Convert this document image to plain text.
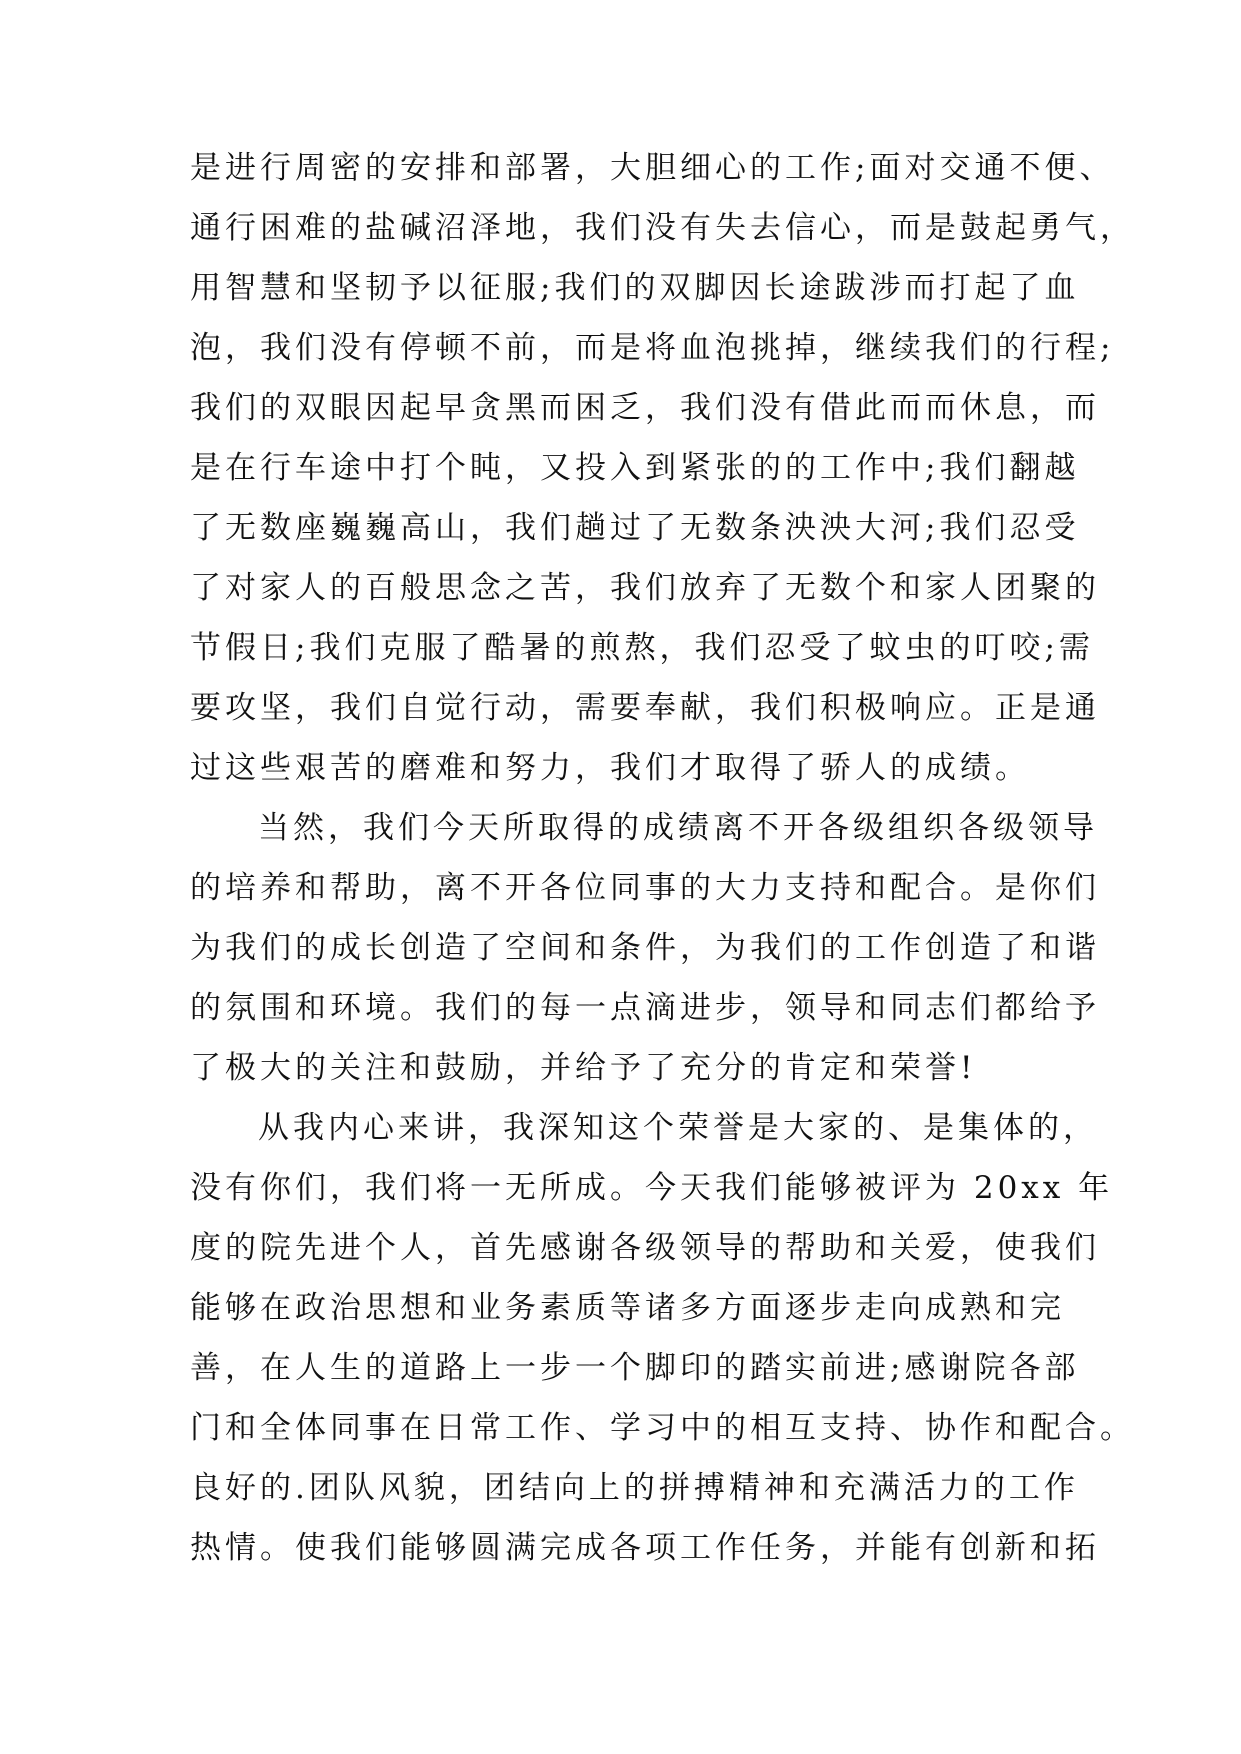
是进行周密的安排和部署，大胆细心的工作;面对交通不便、

通行困难的盐碱沼泽地，我们没有失去信心，而是鼓起勇气，

用智慧和坚韧予以征服;我们的双脚因长途跋涉而打起了血

泡，我们没有停顿不前，而是将血泡挑掉，继续我们的行程;

我们的双眼因起早贪黑而困乏，我们没有借此而而休息，而

是在行车途中打个盹，又投入到紧张的的工作中;我们翻越

了无数座巍巍高山，我们趟过了无数条泱泱大河;我们忍受

了对家人的百般思念之苦，我们放弃了无数个和家人团聚的

节假日;我们克服了酷暑的煎熬，我们忍受了蚊虫的叮咬;需

要攻坚，我们自觉行动，需要奉献，我们积极响应。正是通

过这些艰苦的磨难和努力，我们才取得了骄人的成绩。

当然，我们今天所取得的成绩离不开各级组织各级领导

的培养和帮助，离不开各位同事的大力支持和配合。是你们

为我们的成长创造了空间和条件，为我们的工作创造了和谐

的氛围和环境。我们的每一点滴进步，领导和同志们都给予

了极大的关注和鼓励，并给予了充分的肯定和荣誉!

从我内心来讲，我深知这个荣誉是大家的、是集体的，

没有你们，我们将一无所成。今天我们能够被评为 20xx 年

度的院先进个人，首先感谢各级领导的帮助和关爱，使我们

能够在政治思想和业务素质等诸多方面逐步走向成熟和完

善，在人生的道路上一步一个脚印的踏实前进;感谢院各部

门和全体同事在日常工作、学习中的相互支持、协作和配合。

良好的.团队风貌，团结向上的拼搏精神和充满活力的工作

热情。使我们能够圆满完成各项工作任务，并能有创新和拓
